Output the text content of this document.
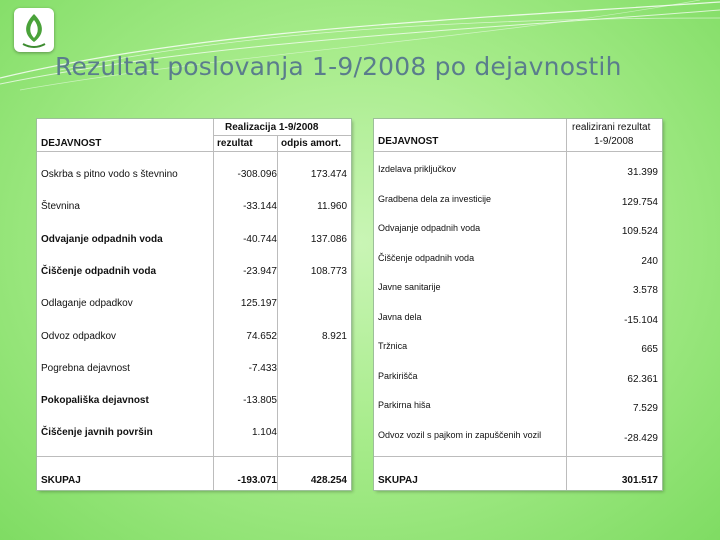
Rezultat poslovanja 1-9/2008 po dejavnostih
Realizacija 1-9/2008
DEJAVNOST	rezultat	odpis amort.
Oskrba s pitno vodo s števnino	-308.096	173.474
Števnina	-33.144	11.960
Odvajanje odpadnih voda	-40.744	137.086
Čiščenje odpadnih voda	-23.947	108.773
Odlaganje odpadkov	125.197
Odvoz odpadkov	74.652	8.921
Pogrebna dejavnost	-7.433
Pokopališka dejavnost	-13.805
Čiščenje javnih površin	1.104
SKUPAJ	-193.071	428.254
realizirani rezultat
1-9/2008
DEJAVNOST
Izdelava priključkov	31.399
Gradbena dela za investicije	129.754
Odvajanje odpadnih voda	109.524
Čiščenje odpadnih voda	240
Javne sanitarije	3.578
Javna dela	-15.104
Tržnica	665
Parkirišča	62.361
Parkirna hiša	7.529
Odvoz vozil s pajkom in zapuščenih vozil	-28.429
SKUPAJ	301.517
